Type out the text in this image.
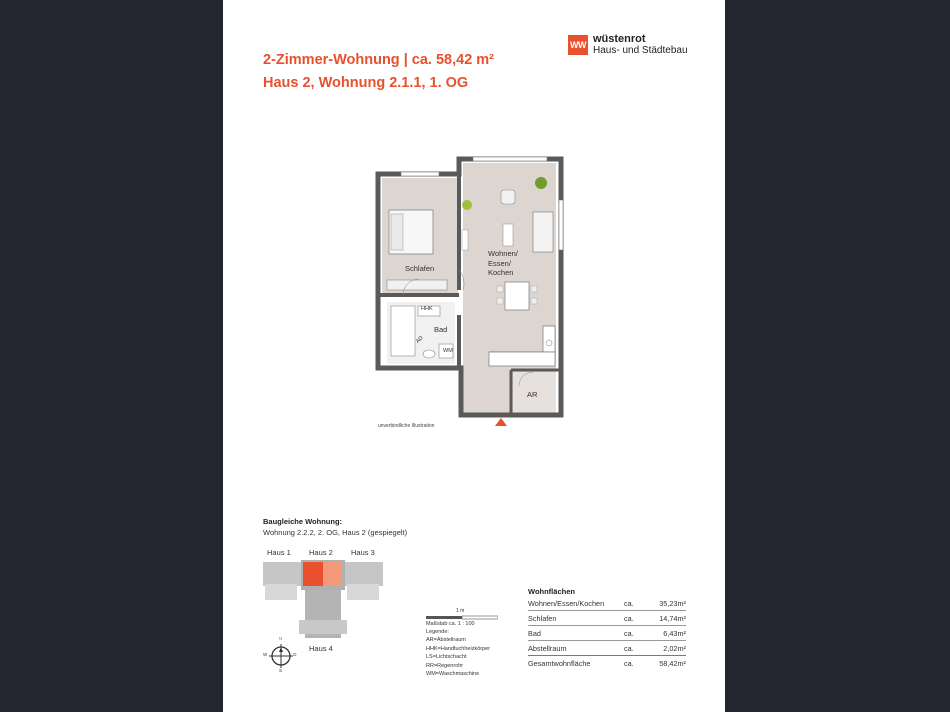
2-Zimmer-Wohnung | ca. 58,42 m²
Haus 2, Wohnung 2.1.1, 1. OG
WW wüstenrot
Haus- und Städtebau
Schlafen
Wohnen/
Essen/
Kochen
Bad
AR
HHK
WM
AD
unverbindliche Illustration
Baugleiche Wohnung:
Wohnung 2.2.2, 2. OG, Haus 2 (gespiegelt)
Haus 1 Haus 2 Haus 3
Haus 4
N
W	O
S
1 m
Maßstab ca. 1 : 100
Legende:
AR=Abstellraum
HHK=Handtuchheizkörper
LS=Lichtschacht
RR=Regenrohr
WM=Waschmaschine
Wohnflächen
Wohnen/Essen/Kochen	ca.	35,23m²
Schlafen	ca.	14,74m²
Bad	ca.	6,43m²
Abstellraum	ca.	2,02m²
Gesamtwohnfläche	ca.	58,42m²
